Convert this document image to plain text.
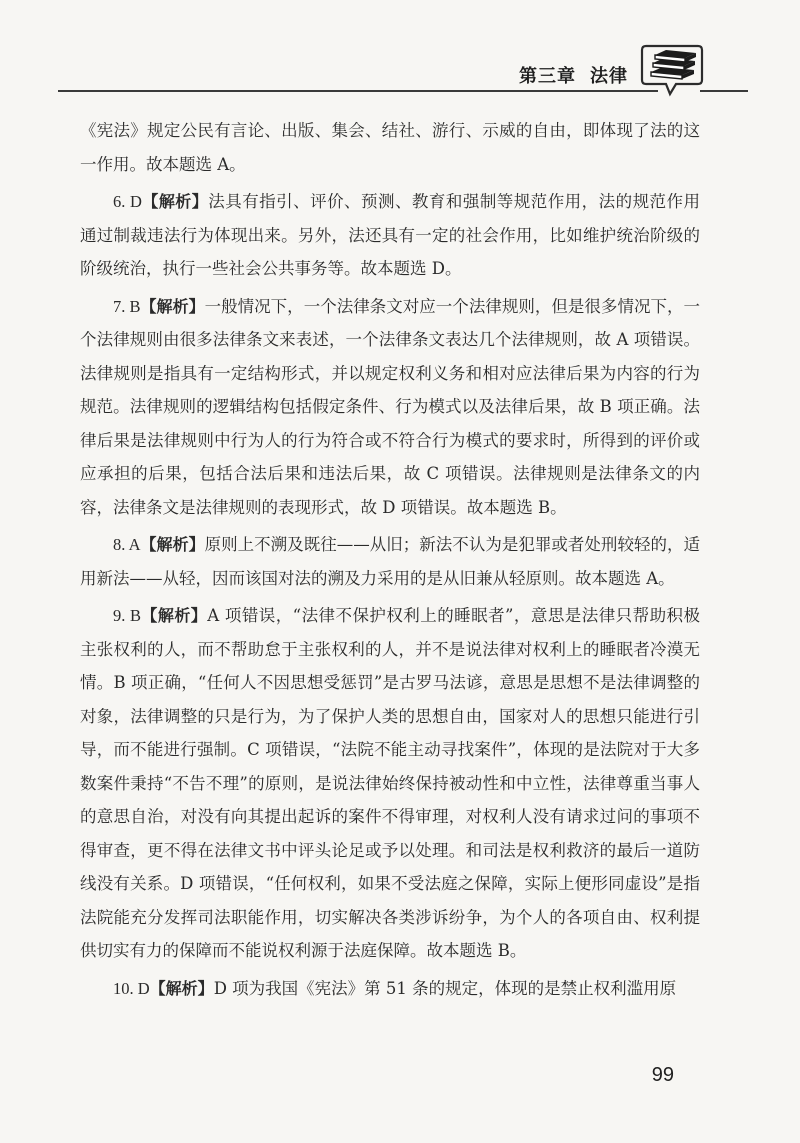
第三章 法律

《宪法》规定公民有言论、出版、集会、结社、游行、示威的自由，即体现了法的这一作用。故本题选 A。

6. D【解析】法具有指引、评价、预测、教育和强制等规范作用，法的规范作用通过制裁违法行为体现出来。另外，法还具有一定的社会作用，比如维护统治阶级的阶级统治，执行一些社会公共事务等。故本题选 D。

7. B【解析】一般情况下，一个法律条文对应一个法律规则，但是很多情况下，一个法律规则由很多法律条文来表述，一个法律条文表达几个法律规则，故 A 项错误。法律规则是指具有一定结构形式，并以规定权利义务和相对应法律后果为内容的行为规范。法律规则的逻辑结构包括假定条件、行为模式以及法律后果，故 B 项正确。法律后果是法律规则中行为人的行为符合或不符合行为模式的要求时，所得到的评价或应承担的后果，包括合法后果和违法后果，故 C 项错误。法律规则是法律条文的内容，法律条文是法律规则的表现形式，故 D 项错误。故本题选 B。

8. A【解析】原则上不溯及既往——从旧；新法不认为是犯罪或者处刑较轻的，适用新法——从轻，因而该国对法的溯及力采用的是从旧兼从轻原则。故本题选 A。

9. B【解析】A 项错误，“法律不保护权利上的睡眠者”，意思是法律只帮助积极主张权利的人，而不帮助怠于主张权利的人，并不是说法律对权利上的睡眠者冷漠无情。B 项正确，“任何人不因思想受惩罚”是古罗马法谚，意思是思想不是法律调整的对象，法律调整的只是行为，为了保护人类的思想自由，国家对人的思想只能进行引导，而不能进行强制。C 项错误，“法院不能主动寻找案件”，体现的是法院对于大多数案件秉持“不告不理”的原则，是说法律始终保持被动性和中立性，法律尊重当事人的意思自治，对没有向其提出起诉的案件不得审理，对权利人没有请求过问的事项不得审查，更不得在法律文书中评头论足或予以处理。和司法是权利救济的最后一道防线没有关系。D 项错误，“任何权利，如果不受法庭之保障，实际上便形同虚设”是指法院能充分发挥司法职能作用，切实解决各类涉诉纷争，为个人的各项自由、权利提供切实有力的保障而不能说权利源于法庭保障。故本题选 B。

10. D【解析】D 项为我国《宪法》第 51 条的规定，体现的是禁止权利滥用原

99
